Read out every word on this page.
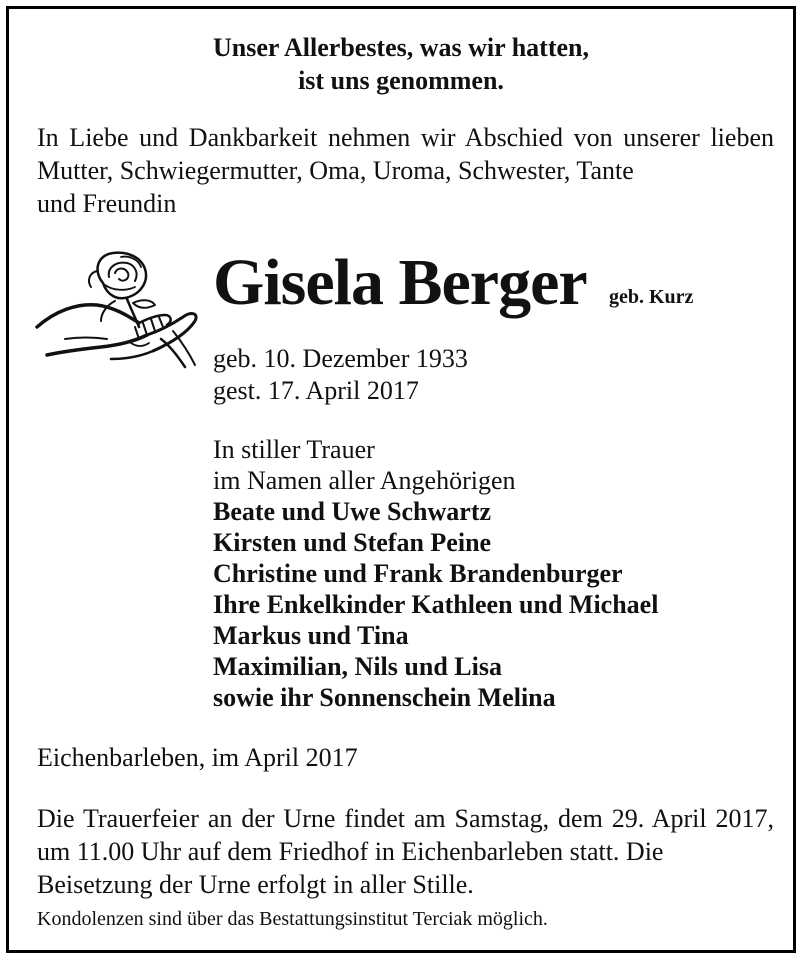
Unser Allerbestes, was wir hatten,
ist uns genommen.
In Liebe und Dankbarkeit nehmen wir Abschied von unserer lieben Mutter, Schwiegermutter, Oma, Uroma, Schwester, Tante
und Freundin
Gisela Berger geb. Kurz
geb. 10. Dezember 1933
gest. 17. April 2017
In stiller Trauer
im Namen aller Angehörigen
Beate und Uwe Schwartz
Kirsten und Stefan Peine
Christine und Frank Brandenburger
Ihre Enkelkinder Kathleen und Michael
Markus und Tina
Maximilian, Nils und Lisa
sowie ihr Sonnenschein Melina
Eichenbarleben, im April 2017
Die Trauerfeier an der Urne findet am Samstag, dem 29. April 2017, um 11.00 Uhr auf dem Friedhof in Eichenbarleben statt. Die
Beisetzung der Urne erfolgt in aller Stille.
Kondolenzen sind über das Bestattungsinstitut Terciak möglich.
